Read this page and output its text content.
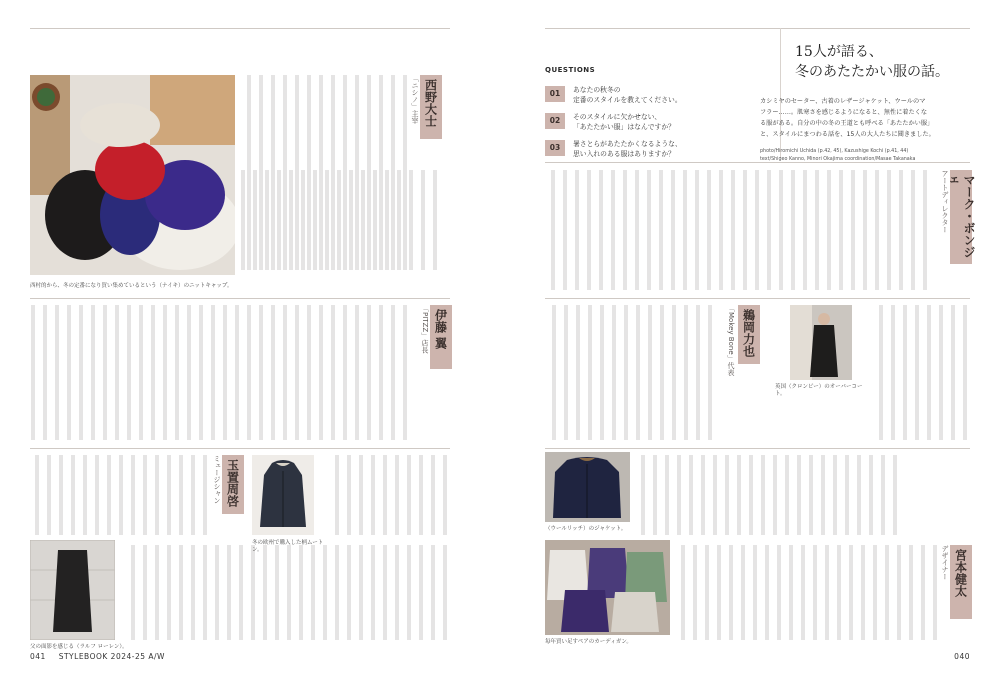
西村的から、冬の定番になり買い集めているという（ナイキ）のニットキャップ。
西野大士
「ニシノ」主宰
伊藤 翼
「PITZZ」店長
冬の欧州で購入した柄ムートン。
玉置周啓
ミュージシャン
父の面影を感じる（ラルフ ローレン）。
QUESTIONS
01	あなたの秋冬の
定番のスタイルを教えてください。
02	そのスタイルに欠かせない、
「あたたかい服」はなんですか？
03	暑さとらがあたたかくなるような、
思い入れのある服はありますか？
15人が語る、
冬のあたたかい服の話。
カシミヤのセーター、古着のレザージャケット、ウールのマ
フラー……。肌寒さを感じるようになると、無性に着たくな
る服がある。自分の中の冬の王道とも呼べる「あたたかい服」
と、スタイルにまつわる話を、15人の大人たちに聞きました。
photo/Hiromichi Uchida (p.42, 45), Kazushige Kochi (p.41, 44)
text/Shigeo Kanno, Minori Okajima coordination/Masae Takanaka
マーク・ボンジェ
アートディレクター
鵜岡力也
「Mokey Bone」代表
英国（クロンビー）のオーバーコート。
（ウールリッチ）のジャケット。
毎年買い足すペアのカーディガン。
宮本健太
デザイナー
041 STYLEBOOK 2024-25 A/W	040
